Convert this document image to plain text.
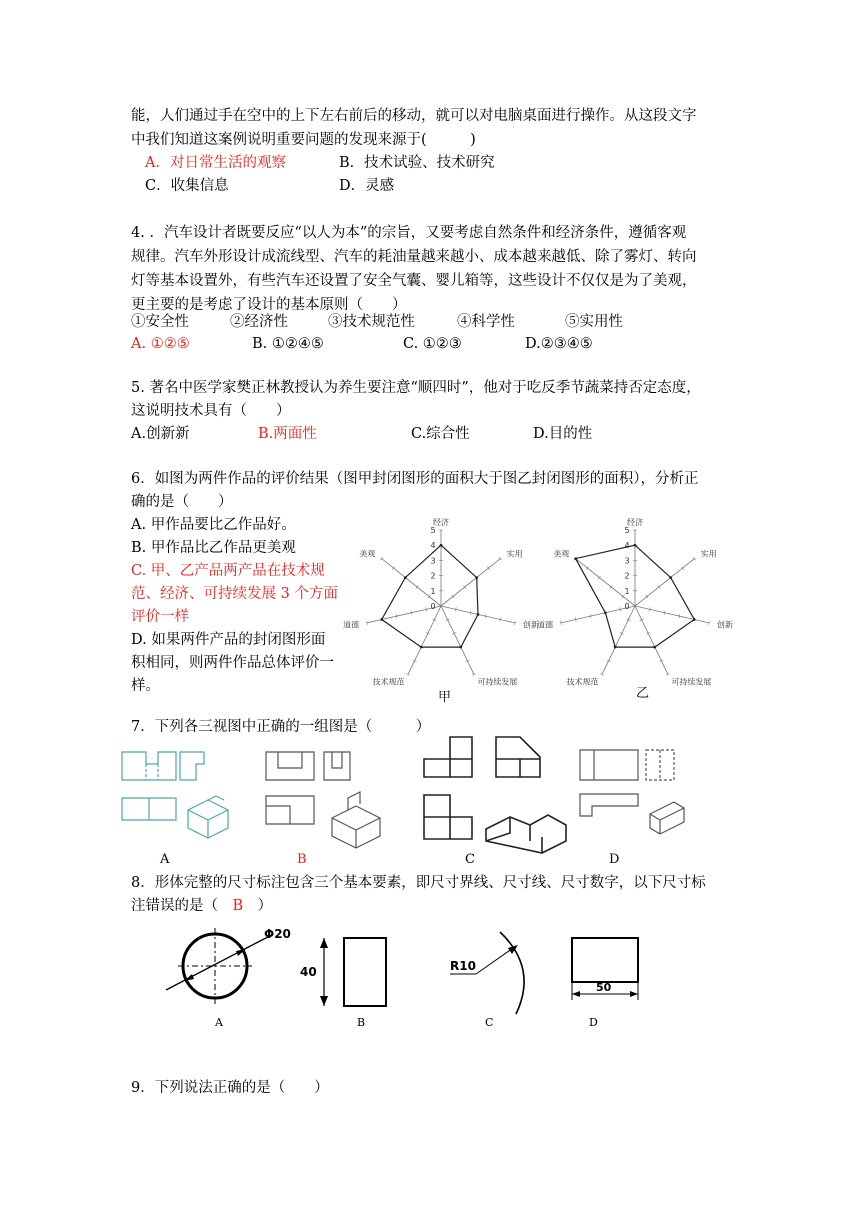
能，人们通过手在空中的上下左右前后的移动，就可以对电脑桌面进行操作。从这段文字
中我们知道这案例说明重要问题的发现来源于(　　　)
A．对日常生活的观察	B．技术试验、技术研究
C．收集信息	D．灵感
4. ．汽车设计者既要反应“以人为本”的宗旨，又要考虑自然条件和经济条件，遵循客观
规律。汽车外形设计成流线型、汽车的耗油量越来越小、成本越来越低、除了雾灯、转向
灯等基本设置外，有些汽车还设置了安全气囊、婴儿箱等，这些设计不仅仅是为了美观，
更主要的是考虑了设计的基本原则（　　）
①安全性	②经济性	③技术规范性	④科学性	⑤实用性
A. ①②⑤	B. ①②④⑤	C. ①②③	D.②③④⑤
5. 著名中医学家樊正林教授认为养生要注意“顺四时”，他对于吃反季节蔬菜持否定态度，
这说明技术具有（　　）
A.创新新	B.两面性	C.综合性	D.目的性
6．如图为两件作品的评价结果（图甲封闭图形的面积大于图乙封闭图形的面积），分析正
确的是（　　）
A. 甲作品要比乙作品好。
B. 甲作品比乙作品更美观
C. 甲、乙产品两产品在技术规
范、经济、可持续发展 3 个方面
评价一样
D. 如果两件产品的封闭图形面
积相同，则两件作品总体评价一
样。
经济
实用
创新
可持续发展
技术规范
道德
美观
5
4
3
2
1
0
甲
经济
实用
创新
可持续发展
技术规范
道德
美观
5
4
3
2
1
0
乙
7．下列各三视图中正确的一组图是（　　　）
A	B	C	D
8．形体完整的尺寸标注包含三个基本要素，即尺寸界线、尺寸线、尺寸数字，以下尺寸标
注错误的是（　B　）
Φ20
40	R10
50
A	B	C	D
9．下列说法正确的是（　　）
